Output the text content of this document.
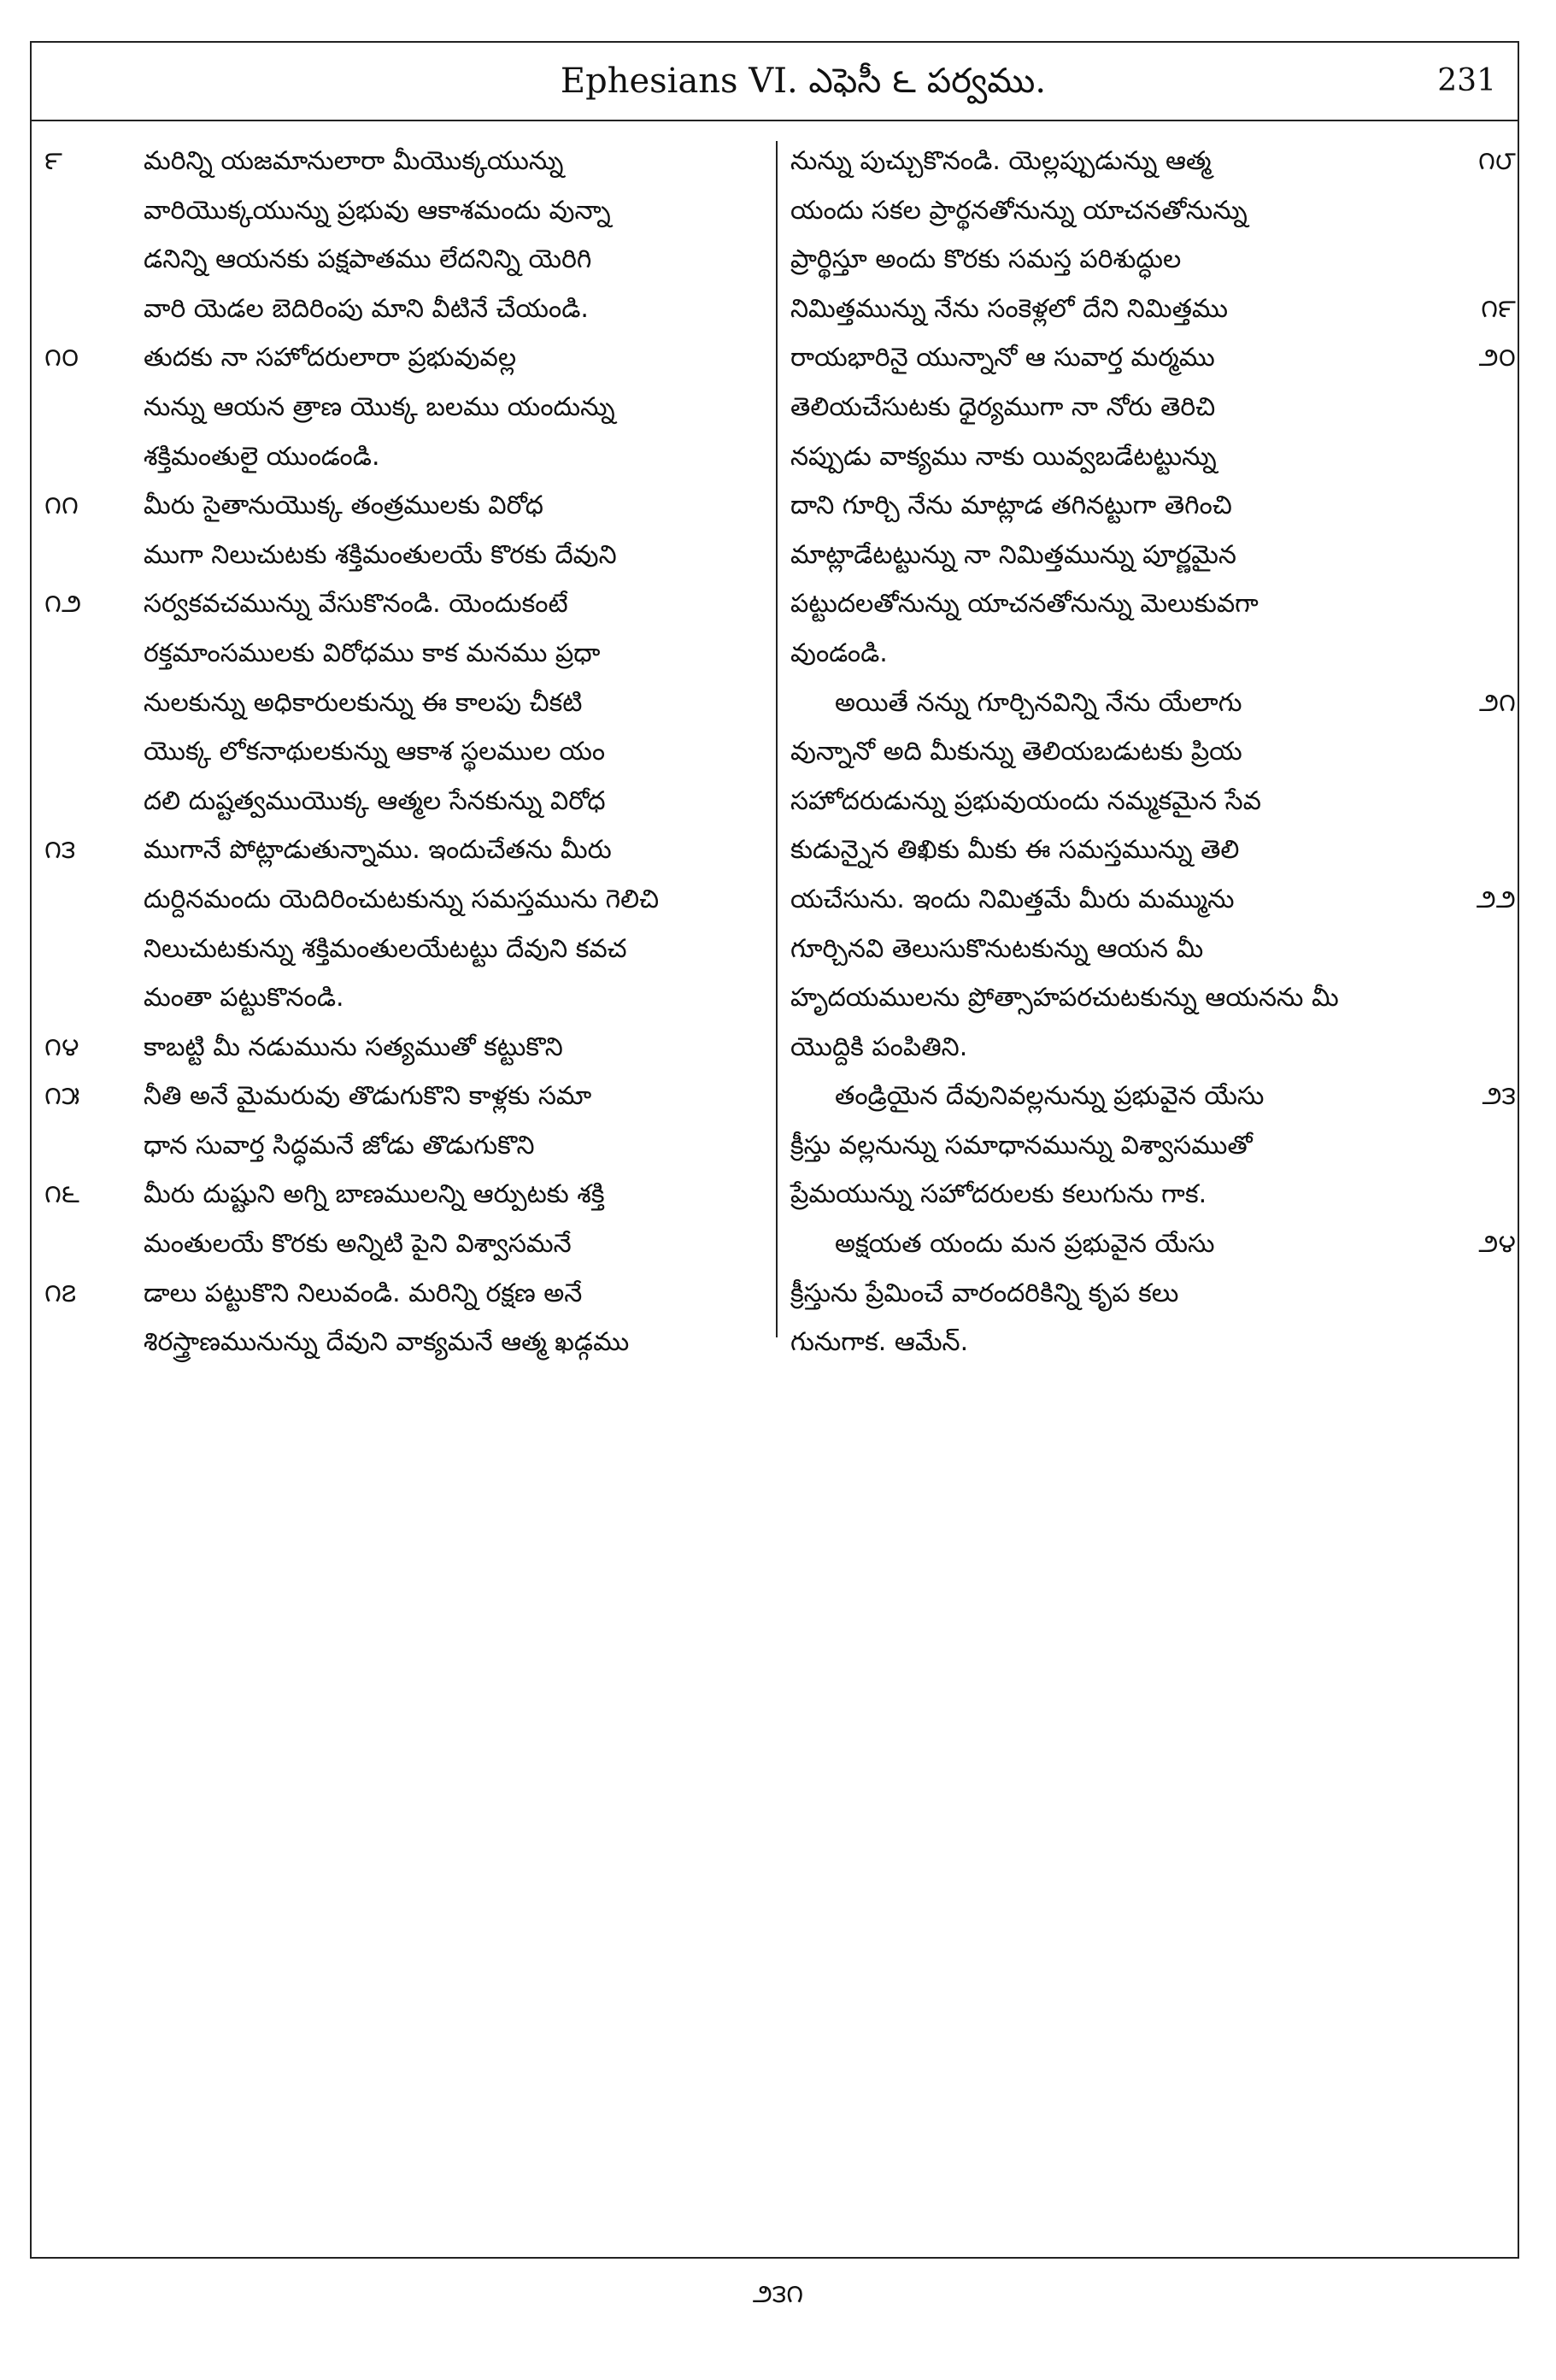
Ephesians VI. ఎఫెసీ ౬ పర్వము.	231
౯	మరిన్ని యజమానులారా మీయొక్కయున్ను
వారియొక్కయున్ను ప్రభువు ఆకాశమందు వున్నా
డనిన్ని ఆయనకు పక్షపాతము లేదనిన్ని యెరిగి
వారి యెడల బెదిరింపు మాని వీటినే చేయండి.
౧౦	తుదకు నా సహోదరులారా ప్రభువువల్ల
నున్ను ఆయన త్రాణ యొక్క బలము యందున్ను
శక్తిమంతులై యుండండి.
౧౧	మీరు సైతానుయొక్క తంత్రములకు విరోధ
ముగా నిలుచుటకు శక్తిమంతులయే కొరకు దేవుని
౧౨	సర్వకవచమున్ను వేసుకొనండి. యెందుకంటే
రక్తమాంసములకు విరోధము కాక మనము ప్రధా
నులకున్ను అధికారులకున్ను ఈ కాలపు చీకటి
యొక్క లోకనాథులకున్ను ఆకాశ స్థలముల యం
దలి దుష్టత్వముయొక్క ఆత్మల సేనకున్ను విరోధ
౧౩	ముగానే పోట్లాడుతున్నాము. ఇందుచేతను మీరు
దుర్దినమందు యెదిరించుటకున్ను సమస్తమును గెలిచి
నిలుచుటకున్ను శక్తిమంతులయేటట్టు దేవుని కవచ
మంతా పట్టుకొనండి.
౧౪	కాబట్టి మీ నడుమును సత్యముతో కట్టుకొని
౧౫	నీతి అనే మైమరువు తొడుగుకొని కాళ్లకు సమా
ధాన సువార్త సిద్ధమనే జోడు తొడుగుకొని
౧౬	మీరు దుష్టుని అగ్ని బాణములన్ని ఆర్పుటకు శక్తి
మంతులయే కొరకు అన్నిటి పైని విశ్వాసమనే
౧౭	డాలు పట్టుకొని నిలువండి. మరిన్ని రక్షణ అనే
శిరస్త్రాణమునున్ను దేవుని వాక్యమనే ఆత్మ ఖడ్గము
౧౮
నున్ను పుచ్చుకొనండి. యెల్లప్పుడున్ను ఆత్మ
యందు సకల ప్రార్థనతోనున్ను యాచనతోనున్ను
ప్రార్థిస్తూ అందు కొరకు సమస్త పరిశుద్ధుల
౧౯
నిమిత్తమున్ను నేను సంకెళ్లలో దేని నిమిత్తము
౨౦
రాయభారినై యున్నానో ఆ సువార్త మర్మము
తెలియచేసుటకు ధైర్యముగా నా నోరు తెరిచి
నప్పుడు వాక్యము నాకు యివ్వబడేటట్టున్ను
దాని గూర్చి నేను మాట్లాడ తగినట్టుగా తెగించి
మాట్లాడేటట్టున్ను నా నిమిత్తమున్ను పూర్ణమైన
పట్టుదలతోనున్ను యాచనతోనున్ను మెలుకువగా
వుండండి.
౨౧
అయితే నన్ను గూర్చినవిన్ని నేను యేలాగు
వున్నానో అది మీకున్ను తెలియబడుటకు ప్రియ
సహోదరుడున్ను ప్రభువుయందు నమ్మకమైన సేవ
కుడున్నైన తిఖికు మీకు ఈ సమస్తమున్ను తెలి
౨౨
యచేసును. ఇందు నిమిత్తమే మీరు మమ్మును
గూర్చినవి తెలుసుకొనుటకున్ను ఆయన మీ
హృదయములను ప్రోత్సాహపరచుటకున్ను ఆయనను మీ
యొద్దికి పంపితిని.
౨౩
తండ్రియైన దేవునివల్లనున్ను ప్రభువైన యేసు
క్రీస్తు వల్లనున్ను సమాధానమున్ను విశ్వాసముతో
ప్రేమయున్ను సహోదరులకు కలుగును గాక.
౨౪
అక్షయత యందు మన ప్రభువైన యేసు
క్రీస్తును ప్రేమించే వారందరికిన్ని కృప కలు
గునుగాక. ఆమేన్.
౨౩౧
